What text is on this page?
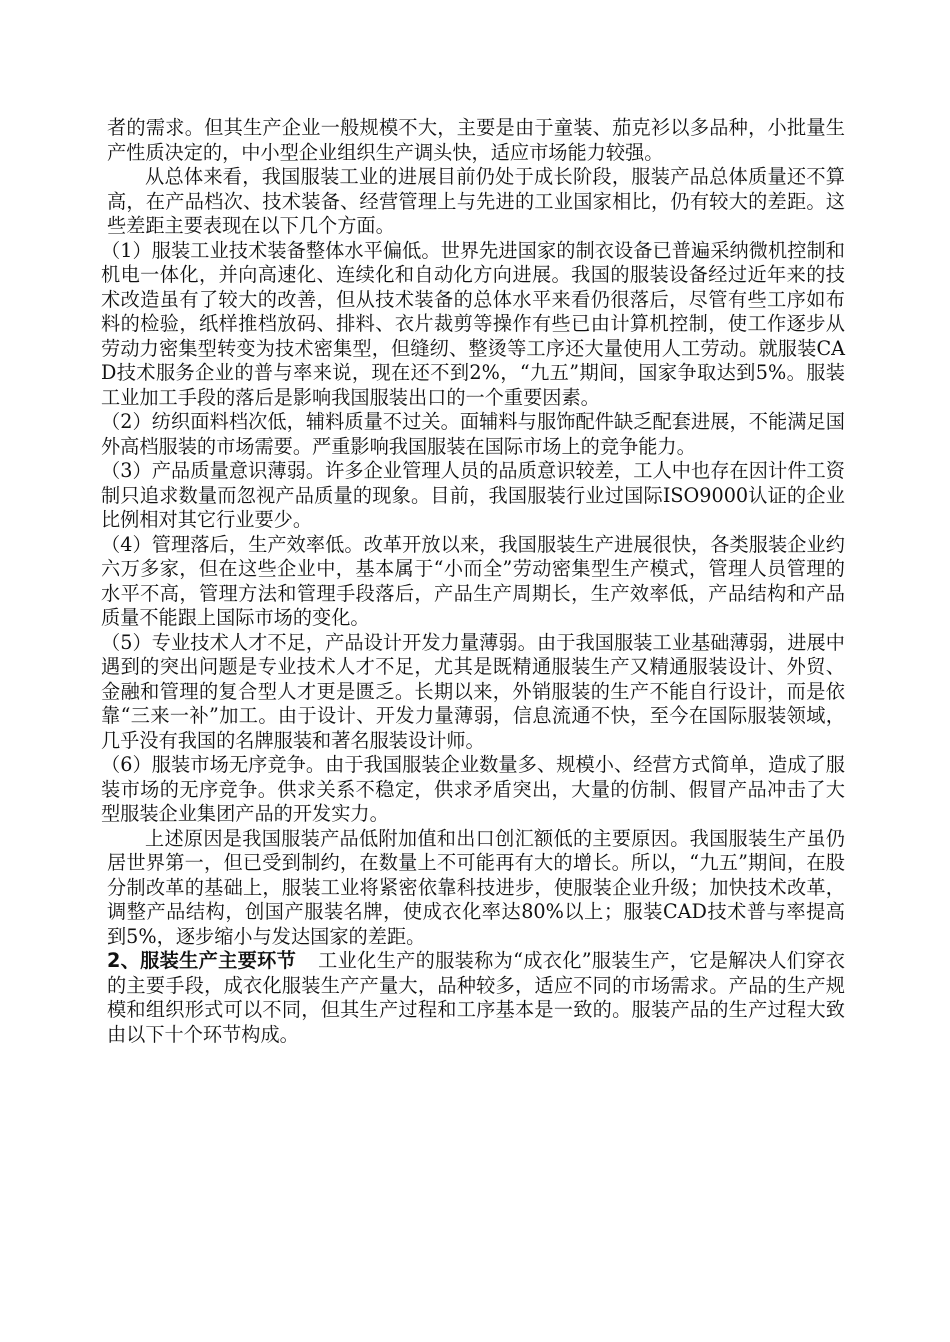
者的需求。但其生产企业一般规模不大，主要是由于童装、茄克衫以多品种，小批量生产性质决定的，中小型企业组织生产调头快，适应市场能力较强。

从总体来看，我国服装工业的进展目前仍处于成长阶段，服装产品总体质量还不算高，在产品档次、技术装备、经营管理上与先进的工业国家相比，仍有较大的差距。这些差距主要表现在以下几个方面。

（1）服装工业技术装备整体水平偏低。世界先进国家的制衣设备已普遍采纳微机控制和机电一体化，并向高速化、连续化和自动化方向进展。我国的服装设备经过近年来的技术改造虽有了较大的改善，但从技术装备的总体水平来看仍很落后，尽管有些工序如布料的检验，纸样推档放码、排料、衣片裁剪等操作有些已由计算机控制，使工作逐步从劳动力密集型转变为技术密集型，但缝纫、整烫等工序还大量使用人工劳动。就服装CAD技术服务企业的普与率来说，现在还不到2%，“九五”期间，国家争取达到5%。服装工业加工手段的落后是影响我国服装出口的一个重要因素。

（2）纺织面料档次低，辅料质量不过关。面辅料与服饰配件缺乏配套进展，不能满足国外高档服装的市场需要。严重影响我国服装在国际市场上的竞争能力。

（3）产品质量意识薄弱。许多企业管理人员的品质意识较差，工人中也存在因计件工资制只追求数量而忽视产品质量的现象。目前，我国服装行业过国际ISO9000认证的企业比例相对其它行业要少。

（4）管理落后，生产效率低。改革开放以来，我国服装生产进展很快，各类服装企业约六万多家，但在这些企业中，基本属于“小而全”劳动密集型生产模式，管理人员管理的水平不高，管理方法和管理手段落后，产品生产周期长，生产效率低，产品结构和产品质量不能跟上国际市场的变化。

（5）专业技术人才不足，产品设计开发力量薄弱。由于我国服装工业基础薄弱，进展中遇到的突出问题是专业技术人才不足，尤其是既精通服装生产又精通服装设计、外贸、金融和管理的复合型人才更是匮乏。长期以来，外销服装的生产不能自行设计，而是依靠“三来一补”加工。由于设计、开发力量薄弱，信息流通不快，至今在国际服装领域，几乎没有我国的名牌服装和著名服装设计师。

（6）服装市场无序竞争。由于我国服装企业数量多、规模小、经营方式简单，造成了服装市场的无序竞争。供求关系不稳定，供求矛盾突出，大量的仿制、假冒产品冲击了大型服装企业集团产品的开发实力。

上述原因是我国服装产品低附加值和出口创汇额低的主要原因。我国服装生产虽仍居世界第一，但已受到制约，在数量上不可能再有大的增长。所以，“九五”期间，在股分制改革的基础上，服装工业将紧密依靠科技进步，使服装企业升级；加快技术改革，调整产品结构，创国产服装名牌，使成衣化率达80%以上；服装CAD技术普与率提高到5%，逐步缩小与发达国家的差距。

2、服装生产主要环节 工业化生产的服装称为“成衣化”服装生产，它是解决人们穿衣的主要手段，成衣化服装生产产量大，品种较多，适应不同的市场需求。产品的生产规模和组织形式可以不同，但其生产过程和工序基本是一致的。服装产品的生产过程大致由以下十个环节构成。
